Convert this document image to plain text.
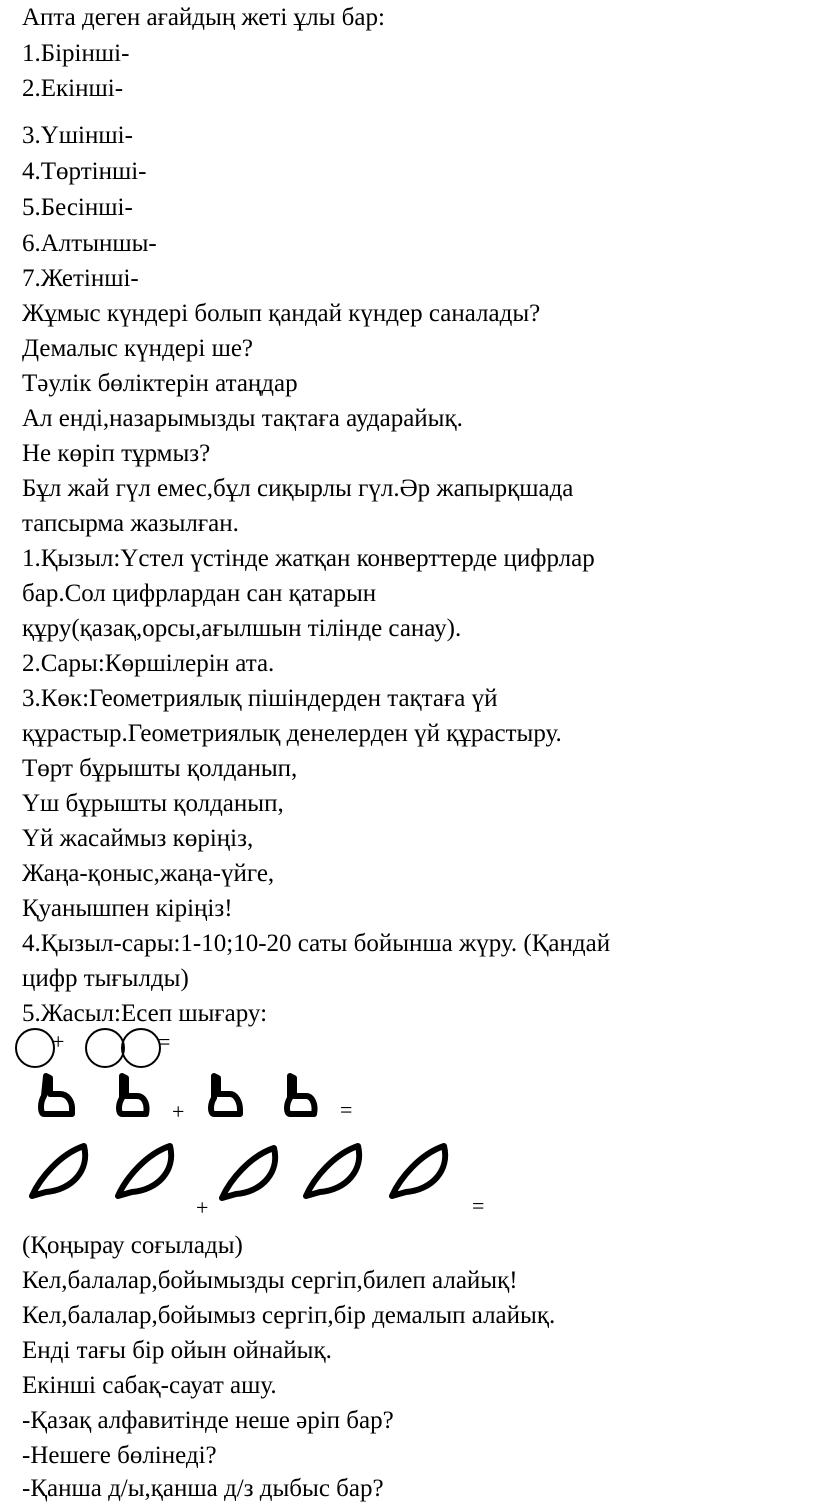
Апта деген ағайдың жеті ұлы бар:
1.Бірінші-
2.Екінші-
3.Үшінші-
4.Төртінші-
5.Бесінші-
6.Алтыншы-
7.Жетінші-
Жұмыс күндері болып қандай күндер саналады?
Демалыс күндері ше?
Тәулік бөліктерін атаңдар
Ал енді,назарымызды тақтаға аударайық.
Не көріп тұрмыз?
Бұл жай гүл емес,бұл сиқырлы гүл.Әр жапырқшада
тапсырма жазылған.
1.Қызыл:Үстел үстінде жатқан конверттерде цифрлар
бар.Сол цифрлардан сан қатарын
құру(қазақ,орсы,ағылшын тілінде санау).
2.Сары:Көршілерін ата.
3.Көк:Геометриялық пішіндерден тақтаға үй
құрастыр.Геометриялық денелерден үй құрастыру.
Төрт бұрышты қолданып,
Үш бұрышты қолданып,
Үй жасаймыз көріңіз,
Жаңа-қоныс,жаңа-үйге,
Қуанышпен кіріңіз!
4.Қызыл-сары:1-10;10-20 саты бойынша жүру. (Қандай
цифр тығылды)
5.Жасыл:Есеп шығару:
+	=
+	=
+	=
(Қоңырау соғылады)
Кел,балалар,бойымызды сергіп,билеп алайық!
Кел,балалар,бойымыз сергіп,бір демалып алайық.
Енді тағы бір ойын ойнайық.
Екінші сабақ-сауат ашу.
-Қазақ алфавитінде неше әріп бар?
-Нешеге бөлінеді?
-Қанша д/ы,қанша д/з дыбыс бар?
